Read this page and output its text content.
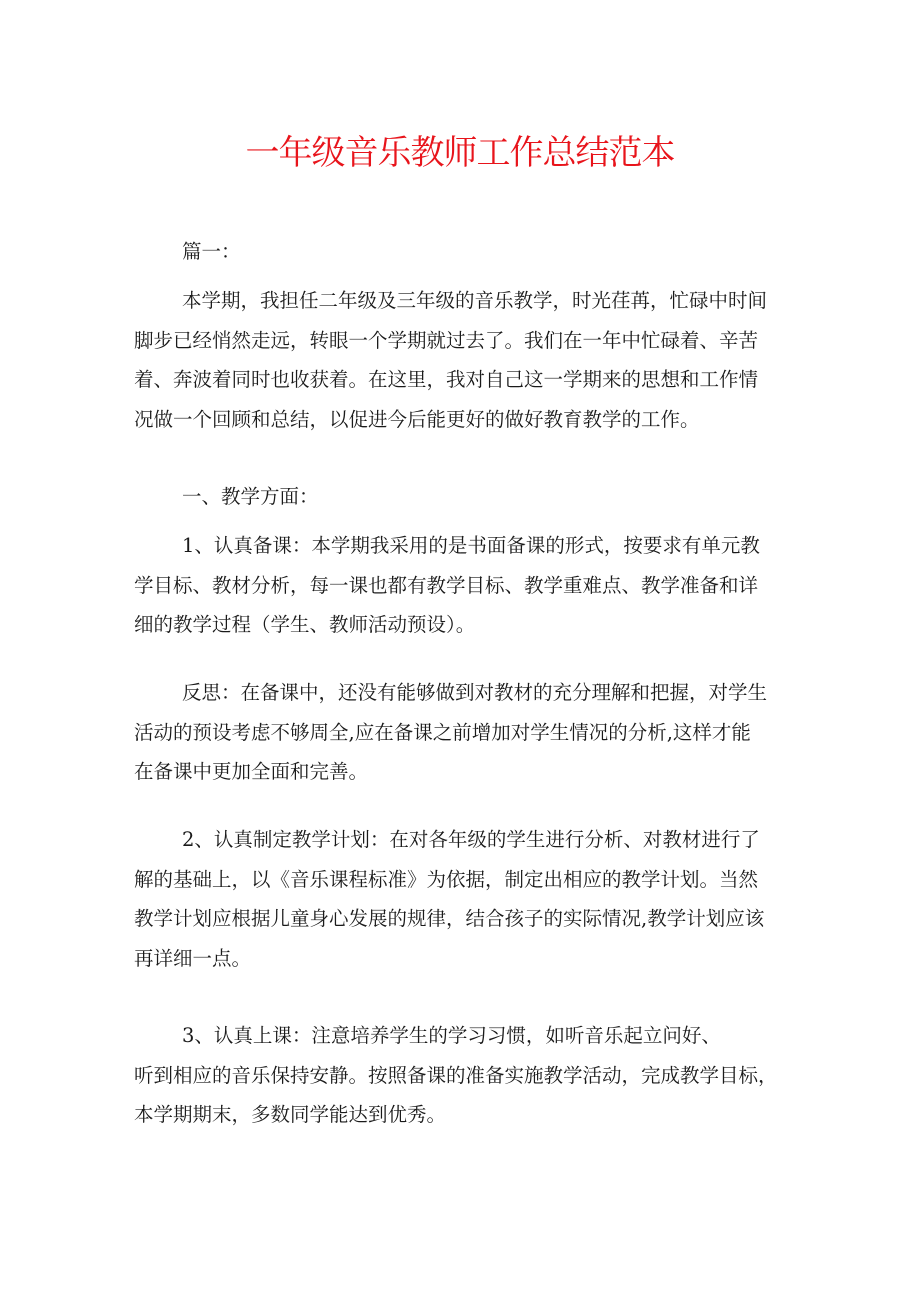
一年级音乐教师工作总结范本
篇一：
本学期，我担任二年级及三年级的音乐教学，时光荏苒，忙碌中时间
脚步已经悄然走远，转眼一个学期就过去了。我们在一年中忙碌着、辛苦
着、奔波着同时也收获着。在这里，我对自己这一学期来的思想和工作情
况做一个回顾和总结，以促进今后能更好的做好教育教学的工作。
一、教学方面：
1、认真备课：本学期我采用的是书面备课的形式，按要求有单元教
学目标、教材分析，每一课也都有教学目标、教学重难点、教学准备和详
细的教学过程（学生、教师活动预设）。
反思：在备课中，还没有能够做到对教材的充分理解和把握，对学生
活动的预设考虑不够周全,应在备课之前增加对学生情况的分析,这样才能
在备课中更加全面和完善。
2、认真制定教学计划：在对各年级的学生进行分析、对教材进行了
解的基础上，以《音乐课程标准》为依据，制定出相应的教学计划。当然
教学计划应根据儿童身心发展的规律，结合孩子的实际情况,教学计划应该
再详细一点。
3、认真上课：注意培养学生的学习习惯，如听音乐起立问好、
听到相应的音乐保持安静。按照备课的准备实施教学活动，完成教学目标，
本学期期末，多数同学能达到优秀。
